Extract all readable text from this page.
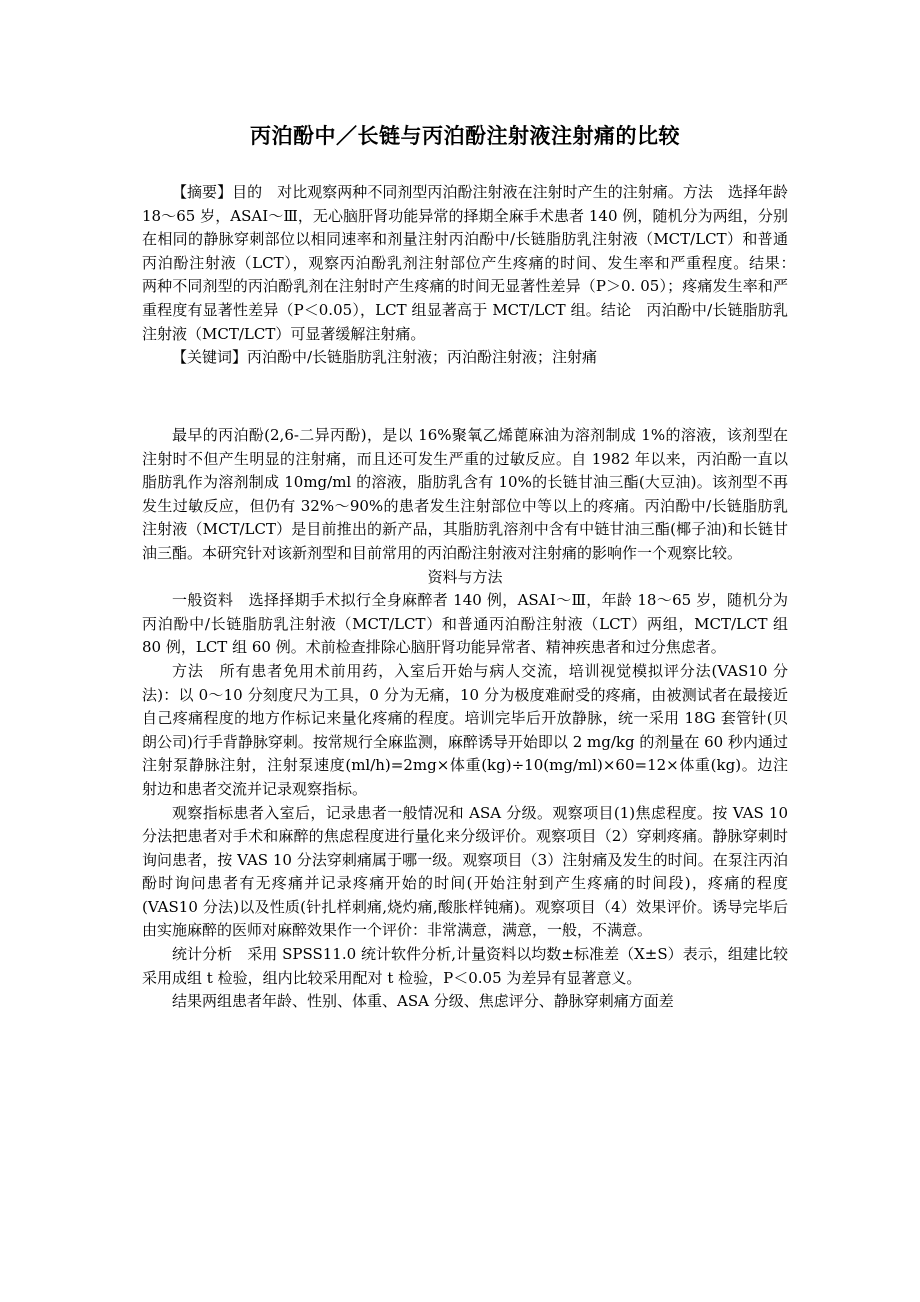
丙泊酚中／长链与丙泊酚注射液注射痛的比较

【摘要】目的　对比观察两种不同剂型丙泊酚注射液在注射时产生的注射痛。方法　选择年龄 18～65 岁，ASAⅠ～Ⅲ，无心脑肝肾功能异常的择期全麻手术患者 140 例，随机分为两组，分别在相同的静脉穿刺部位以相同速率和剂量注射丙泊酚中/长链脂肪乳注射液（MCT/LCT）和普通丙泊酚注射液（LCT），观察丙泊酚乳剂注射部位产生疼痛的时间、发生率和严重程度。结果：　两种不同剂型的丙泊酚乳剂在注射时产生疼痛的时间无显著性差异（P＞0. 05）；疼痛发生率和严重程度有显著性差异（P＜0.05），LCT 组显著高于 MCT/LCT 组。结论　丙泊酚中/长链脂肪乳注射液（MCT/LCT）可显著缓解注射痛。

【关键词】丙泊酚中/长链脂肪乳注射液；丙泊酚注射液；注射痛

最早的丙泊酚(2,6-二异丙酚)，是以 16%聚氧乙烯蓖麻油为溶剂制成 1%的溶液，该剂型在注射时不但产生明显的注射痛，而且还可发生严重的过敏反应。自 1982 年以来，丙泊酚一直以脂肪乳作为溶剂制成 10mg/ml 的溶液，脂肪乳含有 10%的长链甘油三酯(大豆油)。该剂型不再发生过敏反应，但仍有 32%～90%的患者发生注射部位中等以上的疼痛。丙泊酚中/长链脂肪乳注射液（MCT/LCT）是目前推出的新产品，其脂肪乳溶剂中含有中链甘油三酯(椰子油)和长链甘油三酯。本研究针对该新剂型和目前常用的丙泊酚注射液对注射痛的影响作一个观察比较。

资料与方法

一般资料　选择择期手术拟行全身麻醉者 140 例，ASAⅠ～Ⅲ，年龄 18～65 岁，随机分为丙泊酚中/长链脂肪乳注射液（MCT/LCT）和普通丙泊酚注射液（LCT）两组，MCT/LCT 组 80 例，LCT 组 60 例。术前检查排除心脑肝肾功能异常者、精神疾患者和过分焦虑者。

方法　所有患者免用术前用药，入室后开始与病人交流，培训视觉模拟评分法(VAS10 分法)：以 0～10 分刻度尺为工具，0 分为无痛，10 分为极度难耐受的疼痛，由被测试者在最接近自己疼痛程度的地方作标记来量化疼痛的程度。培训完毕后开放静脉，统一采用 18G 套管针(贝朗公司)行手背静脉穿刺。按常规行全麻监测，麻醉诱导开始即以 2 mg/kg 的剂量在 60 秒内通过注射泵静脉注射，注射泵速度(ml/h)=2mg×体重(kg)÷10(mg/ml)×60=12×体重(kg)。边注射边和患者交流并记录观察指标。

观察指标患者入室后，记录患者一般情况和 ASA 分级。观察项目(1)焦虑程度。按 VAS 10 分法把患者对手术和麻醉的焦虑程度进行量化来分级评价。观察项目（2）穿刺疼痛。静脉穿刺时询问患者，按 VAS 10 分法穿刺痛属于哪一级。观察项目（3）注射痛及发生的时间。在泵注丙泊酚时询问患者有无疼痛并记录疼痛开始的时间(开始注射到产生疼痛的时间段)，疼痛的程度(VAS10 分法)以及性质(针扎样刺痛,烧灼痛,酸胀样钝痛)。观察项目（4）效果评价。诱导完毕后由实施麻醉的医师对麻醉效果作一个评价：非常满意，满意，一般，不满意。

统计分析　采用 SPSS11.0 统计软件分析,计量资料以均数±标准差（X±S）表示，组建比较采用成组 t 检验，组内比较采用配对 t 检验，P＜0.05 为差异有显著意义。

结果两组患者年龄、性别、体重、ASA 分级、焦虑评分、静脉穿刺痛方面差
